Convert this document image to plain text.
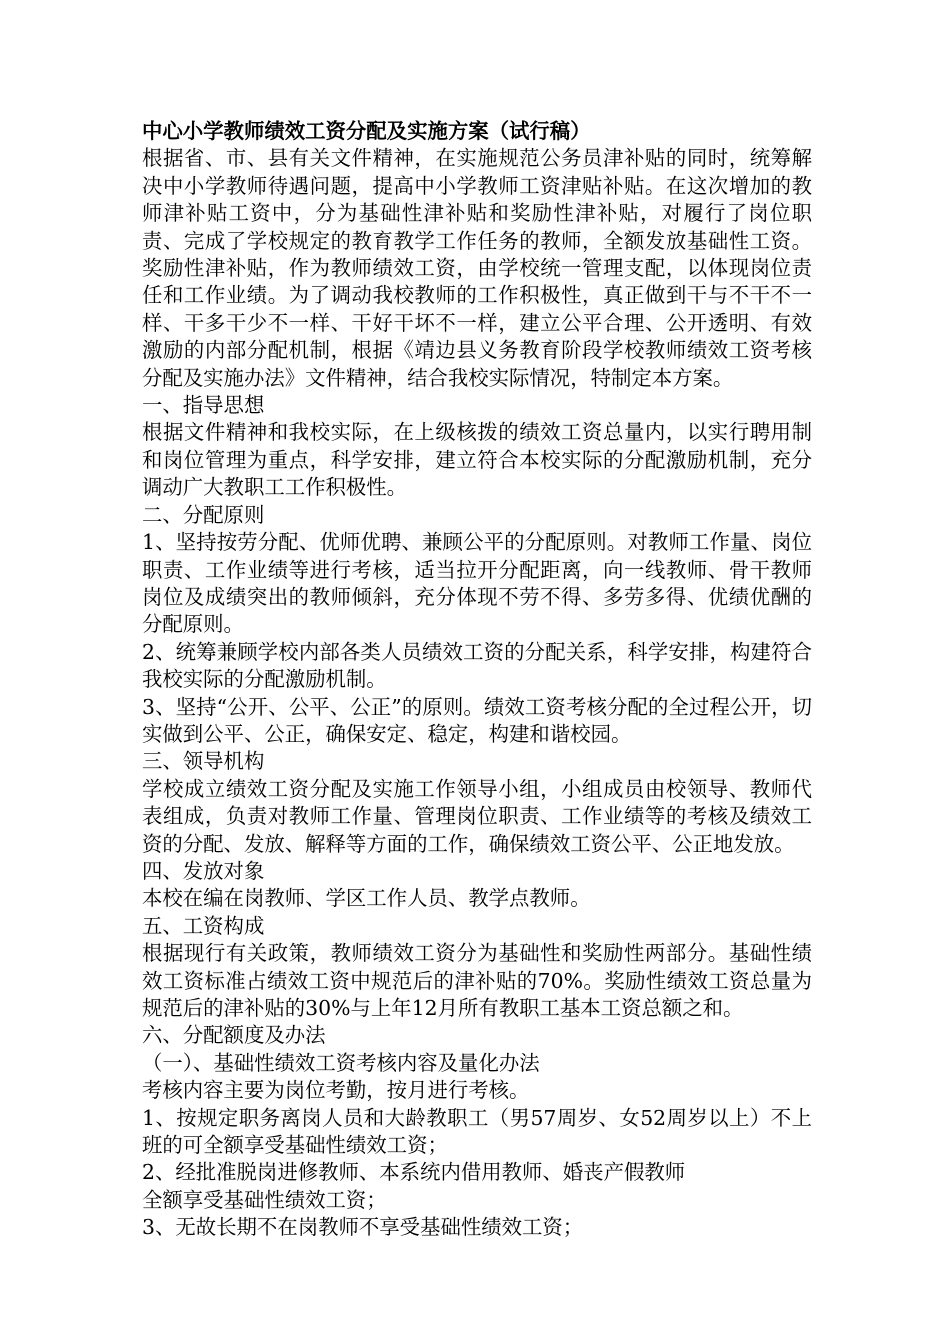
中心小学教师绩效工资分配及实施方案（试行稿）

根据省、市、县有关文件精神，在实施规范公务员津补贴的同时，统筹解决中小学教师待遇问题，提高中小学教师工资津贴补贴。在这次增加的教师津补贴工资中，分为基础性津补贴和奖励性津补贴，对履行了岗位职责、完成了学校规定的教育教学工作任务的教师，全额发放基础性工资。奖励性津补贴，作为教师绩效工资，由学校统一管理支配，以体现岗位责任和工作业绩。为了调动我校教师的工作积极性，真正做到干与不干不一样、干多干少不一样、干好干坏不一样，建立公平合理、公开透明、有效激励的内部分配机制，根据《靖边县义务教育阶段学校教师绩效工资考核分配及实施办法》文件精神，结合我校实际情况，特制定本方案。

一、指导思想

根据文件精神和我校实际，在上级核拨的绩效工资总量内，以实行聘用制和岗位管理为重点，科学安排，建立符合本校实际的分配激励机制，充分调动广大教职工工作积极性。

二、分配原则

1、坚持按劳分配、优师优聘、兼顾公平的分配原则。对教师工作量、岗位职责、工作业绩等进行考核，适当拉开分配距离，向一线教师、骨干教师岗位及成绩突出的教师倾斜，充分体现不劳不得、多劳多得、优绩优酬的分配原则。

2、统筹兼顾学校内部各类人员绩效工资的分配关系，科学安排，构建符合我校实际的分配激励机制。

3、坚持“公开、公平、公正”的原则。绩效工资考核分配的全过程公开，切实做到公平、公正，确保安定、稳定，构建和谐校园。

三、领导机构

学校成立绩效工资分配及实施工作领导小组，小组成员由校领导、教师代表组成，负责对教师工作量、管理岗位职责、工作业绩等的考核及绩效工资的分配、发放、解释等方面的工作，确保绩效工资公平、公正地发放。

四、发放对象

本校在编在岗教师、学区工作人员、教学点教师。

五、工资构成

根据现行有关政策，教师绩效工资分为基础性和奖励性两部分。基础性绩效工资标准占绩效工资中规范后的津补贴的70%。奖励性绩效工资总量为规范后的津补贴的30%与上年12月所有教职工基本工资总额之和。

六、分配额度及办法

（一）、基础性绩效工资考核内容及量化办法

考核内容主要为岗位考勤，按月进行考核。

1、按规定职务离岗人员和大龄教职工（男57周岁、女52周岁以上）不上班的可全额享受基础性绩效工资；

2、经批准脱岗进修教师、本系统内借用教师、婚丧产假教师

全额享受基础性绩效工资；

3、无故长期不在岗教师不享受基础性绩效工资；
